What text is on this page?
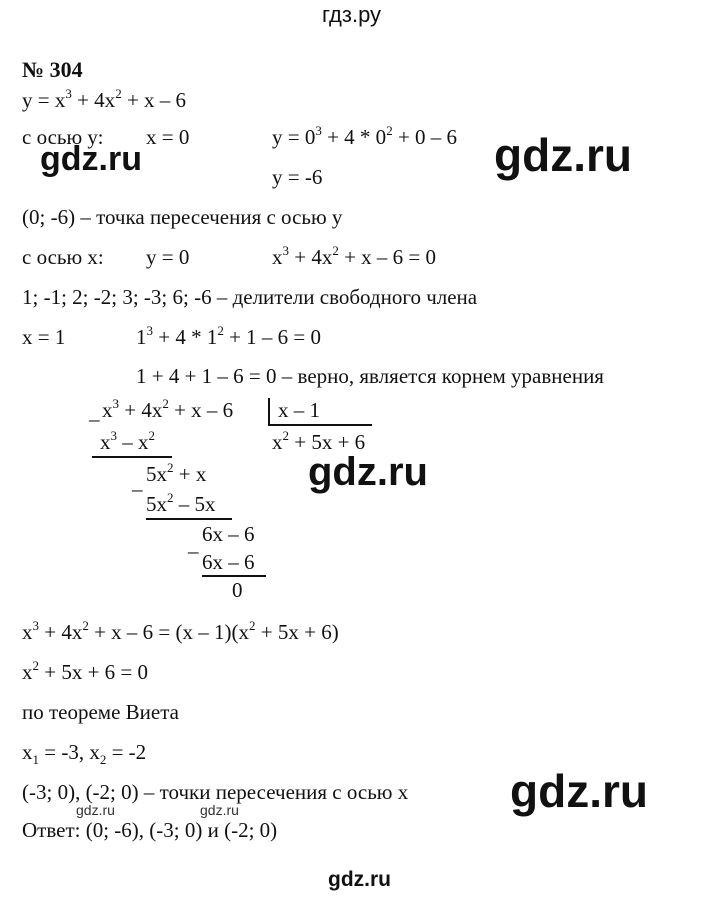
гдз.ру
№ 304
$y = x^3 + 4x^2 + x - 6$
с осью у: x = 0	$y = 0^3 + 4 * 0^2 + 0 - 6$
y = -6
gdz.ru	gdz.ru
(0; -6) – точка пересечения с осью у
с осью х: y = 0	$x^3 + 4x^2 + x - 6 = 0$
1; -1; 2; -2; 3; -3; 6; -6 – делители свободного члена
x = 1	$1^3 + 4 * 1^2 + 1 - 6 = 0$
1 + 4 + 1 – 6 = 0 – верно, является корнем уравнения
_ $x^3 + 4x^2 + x - 6$ x – 1
$x^2 + 5x + 6$
$x^3 - x^2$
_ $5x^2 + x$
$5x^2 - 5x$
gdz.ru
_ 6x – 6
6x – 6
0
$x^3 + 4x^2 + x - 6 = (x - 1)(x^2 + 5x + 6)$
$x^2 + 5x + 6 = 0$
по теореме Виета
$x_1 = -3$, $x_2 = -2$
(-3; 0), (-2; 0) – точки пересечения с осью х
gdz.ru	gdz.ru	gdz.ru
Ответ: (0; -6), (-3; 0) и (-2; 0)
gdz.ru
